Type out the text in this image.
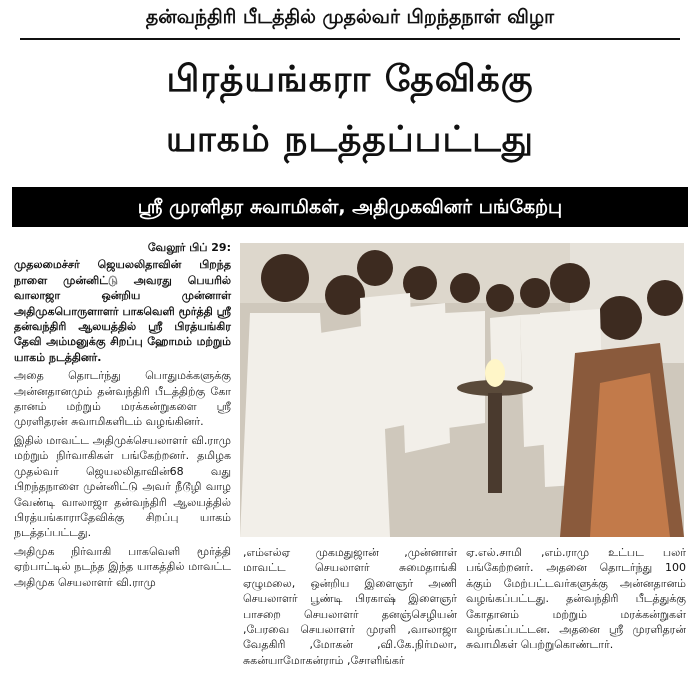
தன்வந்திரி பீடத்தில் முதல்வர் பிறந்தநாள் விழா
பிரத்யங்கரா தேவிக்கு
யாகம் நடத்தப்பட்டது
ஸ்ரீ முரளிதர சுவாமிகள், அதிமுகவினர் பங்கேற்பு
வேலூர் பிப் 29:

முதலமைச்சர் ஜெயலலிதாவின் பிறந்த நாளை முன்னிட்டு அவரது பெயரில் வாலாஜா ஒன்றிய முன்னாள் அதிமுகபொருளாளர் பாகவெளி மூர்த்தி ஸ்ரீ தன்வந்திரி ஆலயத்தில் ஸ்ரீ பிரத்யங்கிர தேவி அம்மனுக்கு சிறப்பு ஹோமம் மற்றும் யாகம் நடத்தினர்.

அதை தொடர்ந்து பொதுமக்களுக்கு அன்னதானமும் தன்வந்திரி பீடத்திற்கு கோ தானம் மற்றும் மரக்கன்றுகளை ஸ்ரீ முரளிதரன் சுவாமிகளிடம் வழங்கினர்.

இதில் மாவட்ட அதிமுக்செயலாளர் வி.ராமு மற்றும் நிர்வாகிகள் பங்கேற்றனர். தமிழக முதல்வர் ஜெயலலிதாவின்68 வது பிறந்தநாளை முன்னிட்டு அவர் நீடூழி வாழ வேண்டி வாலாஜா தன்வந்திரி ஆலயத்தில் பிரத்யங்காராதேவிக்கு சிறப்பு யாகம் நடத்தப்பட்டது.

அதிமுக நிர்வாகி பாகவெளி மூர்த்தி ஏற்பாட்டில் நடந்த இந்த யாகத்தில் மாவட்ட அதிமுக செயலாளர் வி.ராமு

,எம்எல்ஏ முகமதுஜான் ,முன்னாள் மாவட்ட செயலாளர் சுமைதாங்கி ஏழுமலை, ஒன்றிய இளைஞர் அணி செயலாளர் பூண்டி பிரகாஷ் இளைஞர் பாசறை செயலாளர் தனஞ்செழியன் ,பேரவை செயலாளர் முரளி ,வாலாஜா வேதகிரி ,மோகன் ,வி.கே.நிர்மலா, சுகன்யாமோகன்ராம் ,சோளிங்கர்

ஏ.எல்.சாமி ,எம்.ராமு உட்பட பலர் பங்கேற்றனர். அதனை தொடர்ந்து 100 க்கும் மேற்பட்டவர்களுக்கு அன்னதானம் வழங்கப்பட்டது. தன்வந்திரி பீடத்துக்கு கோதானம் மற்றும் மரக்கன்றுகள் வழங்கப்பட்டன. அதனை ஸ்ரீ முரளிதரன் சுவாமிகள் பெற்றுகொண்டார்.
